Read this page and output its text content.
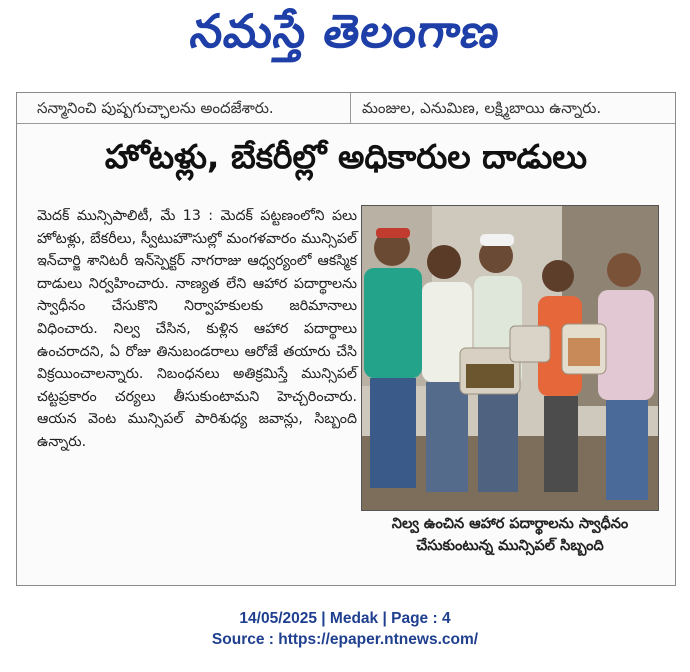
నమస్తే తెలంగాణ
సన్మానించి పుష్పగుచ్ఛాలను అందజేశారు.	మంజుల, ఎనుమిణ, లక్ష్మిబాయి ఉన్నారు.
హోటళ్లు, బేకరీల్లో అధికారుల దాడులు
మెదక్ మున్సిపాలిటీ, మే 13 : మెదక్ పట్టణంలోని పలు హోటళ్లు, బేకరీలు, స్వీటుహౌసుల్లో మంగళవారం మున్సిపల్ ఇన్‌చార్జి శానిటరీ ఇన్‌స్పెక్టర్ నాగరాజు ఆధ్వర్యంలో ఆకస్మిక దాడులు నిర్వహించారు. నాణ్యత లేని ఆహార పదార్థాలను స్వాధీనం చేసుకొని నిర్వాహకులకు జరిమానాలు విధించారు. నిల్వ చేసిన, కుళ్లిన ఆహార పదార్థాలు ఉంచరాదని, ఏ రోజు తినుబండరాలు ఆరోజే తయారు చేసి విక్రయించాలన్నారు. నిబంధనలు అతిక్రమిస్తే మున్సిపల్ చట్టప్రకారం చర్యలు తీసుకుంటామని హెచ్చరించారు. ఆయన వెంట మున్సిపల్ పారిశుధ్య జవాన్లు, సిబ్బంది ఉన్నారు.
నిల్వ ఉంచిన ఆహార పదార్థాలను స్వాధీనం చేసుకుంటున్న మున్సిపల్ సిబ్బంది
14/05/2025 | Medak | Page : 4
Source : https://epaper.ntnews.com/
